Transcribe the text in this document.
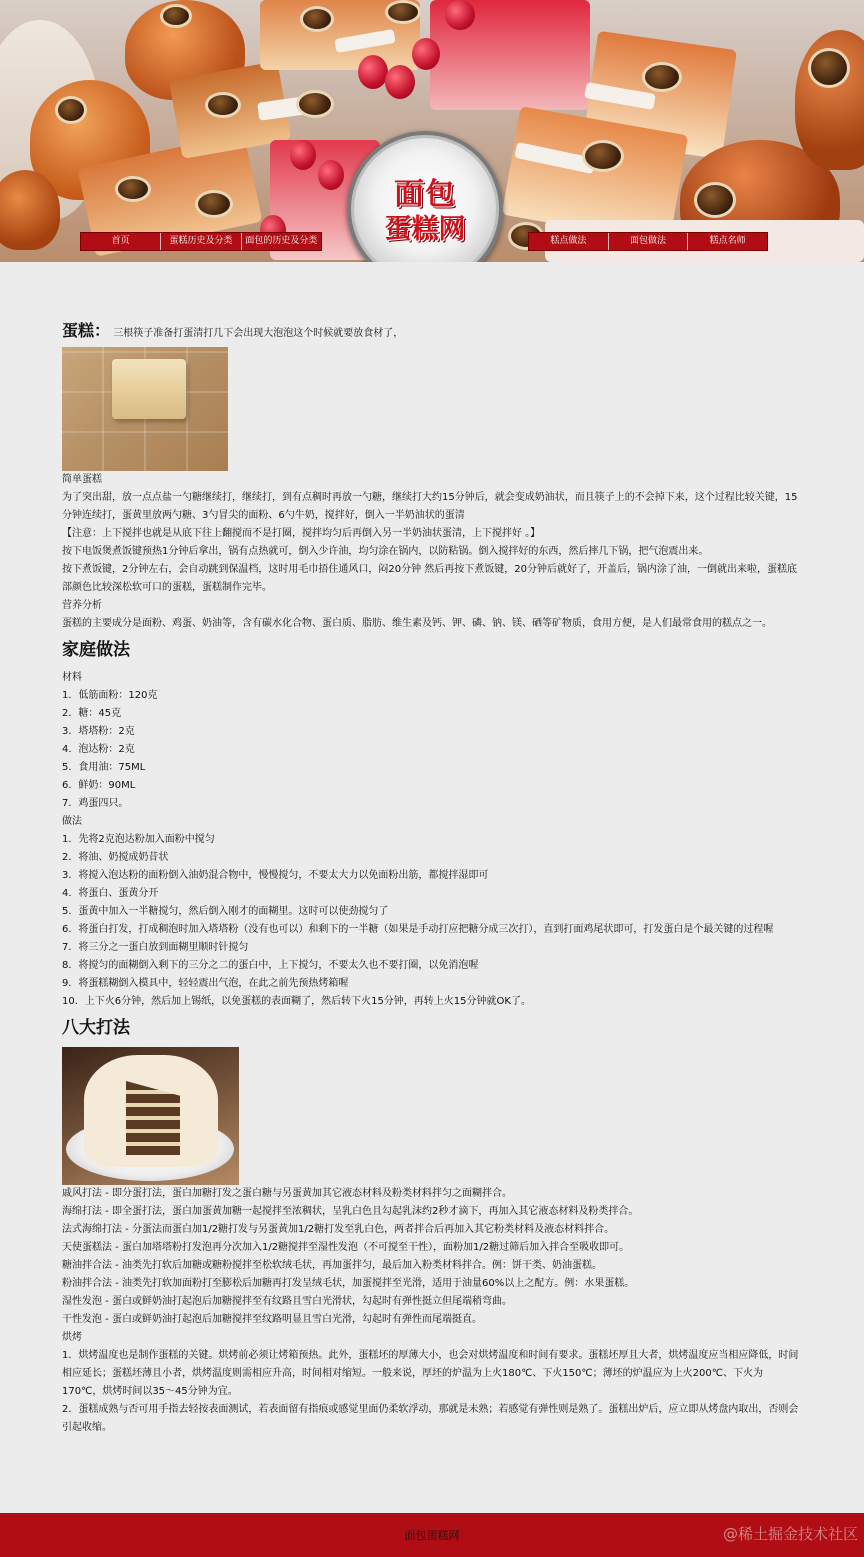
首页	蛋糕历史及分类	面包的历史及分类	糕点做法	面包做法	糕点名师
面包
蛋糕网
蛋糕： 三根筷子准备打蛋清打几下会出现大泡泡这个时候就要放食材了，

简单蛋糕

为了突出甜，放一点点盐一勺糖继续打，继续打，到有点稠时再放一勺糖，继续打大约15分钟后，就会变成奶油状，而且筷子上的不会掉下来，这个过程比较关键，15分钟连续打，蛋黄里放两勺糖、3勺冒尖的面粉、6勺牛奶，搅拌好，倒入一半奶油状的蛋清

【注意：上下搅拌也就是从底下往上翻搅而不是打圈，搅拌均匀后再倒入另一半奶油状蛋清，上下搅拌好 。】

按下电饭煲煮饭键预热1分钟后拿出，锅有点热就可，倒入少许油，均匀涂在锅内，以防粘锅。倒入搅拌好的东西，然后摔几下锅，把气泡震出来。

按下煮饭键，2分钟左右，会自动跳到保温档，这时用毛巾捂住通风口，闷20分钟 然后再按下煮饭键，20分钟后就好了，开盖后，锅内涂了油，一倒就出来啦，蛋糕底部颜色比较深松软可口的蛋糕，蛋糕制作完毕。

营养分析

蛋糕的主要成分是面粉、鸡蛋、奶油等，含有碳水化合物、蛋白质、脂肪、维生素及钙、钾、磷、钠、镁、硒等矿物质，食用方便，是人们最常食用的糕点之一。

家庭做法

材料

1．低筋面粉：120克

2．糖：45克

3．塔塔粉：2克

4．泡达粉：2克

5．食用油：75ML

6．鲜奶：90ML

7．鸡蛋四只。

做法

1．先将2克泡达粉加入面粉中搅匀

2．将油、奶搅成奶昔状

3．将搅入泡达粉的面粉倒入油奶混合物中，慢慢搅匀，不要太大力以免面粉出筋，都搅拌湿即可

4．将蛋白、蛋黄分开

5．蛋黄中加入一半糖搅匀，然后倒入刚才的面糊里。这时可以使劲搅匀了

6．将蛋白打发，打成稠泡时加入塔塔粉（没有也可以）和剩下的一半糖（如果是手动打应把糖分成三次打），直到打面鸡尾状即可，打发蛋白是个最关键的过程喔

7．将三分之一蛋白放到面糊里顺时针搅匀

8．将搅匀的面糊倒入剩下的三分之二的蛋白中，上下搅匀，不要太久也不要打圈，以免消泡喔

9．将蛋糕糊倒入模具中，轻轻震出气泡，在此之前先预热烤箱喔

10．上下火6分钟，然后加上锡纸，以免蛋糕的表面糊了，然后转下火15分钟，再转上火15分钟就OK了。

八大打法

戚风打法 - 即分蛋打法，蛋白加糖打发之蛋白糖与另蛋黄加其它液态材料及粉类材料拌匀之面糊拌合。

海绵打法 - 即全蛋打法，蛋白加蛋黄加糖一起搅拌至浓稠状，呈乳白色且勾起乳沫约2秒才滴下，再加入其它液态材料及粉类拌合。

法式海绵打法 - 分蛋法而蛋白加1/2糖打发与另蛋黄加1/2糖打发至乳白色，两者拌合后再加入其它粉类材料及液态材料拌合。

天使蛋糕法 - 蛋白加塔塔粉打发泡再分次加入1/2糖搅拌至湿性发泡（不可搅至干性），面粉加1/2糖过筛后加入拌合至吸收即可。

糖油拌合法 - 油类先打软后加糖或糖粉搅拌至松软绒毛状，再加蛋拌匀，最后加入粉类材料拌合。例：饼干类、奶油蛋糕。

粉油拌合法 - 油类先打软加面粉打至膨松后加糖再打发呈绒毛状，加蛋搅拌至光滑，适用于油量60%以上之配方。例：水果蛋糕。

湿性发泡 - 蛋白或鲜奶油打起泡后加糖搅拌至有纹路且雪白光滑状，勾起时有弹性挺立但尾端稍弯曲。

干性发泡 - 蛋白或鲜奶油打起泡后加糖搅拌至纹路明显且雪白光滑，勾起时有弹性而尾端挺直。

烘烤

1．烘烤温度也是制作蛋糕的关键。烘烤前必须让烤箱预热。此外，蛋糕坯的厚薄大小，也会对烘烤温度和时间有要求。蛋糕坯厚且大者，烘烤温度应当相应降低，时间相应延长；蛋糕坯薄且小者，烘烤温度则需相应升高，时间相对缩短。一般来说，厚坯的炉温为上火180℃、下火150℃；薄坯的炉温应为上火200℃、下火为170℃，烘烤时间以35～45分钟为宜。

2．蛋糕成熟与否可用手指去轻按表面测试，若表面留有指痕或感觉里面仍柔软浮动，那就是未熟；若感觉有弹性则是熟了。蛋糕出炉后，应立即从烤盘内取出，否则会引起收缩。

面包蛋糕网	@稀土掘金技术社区
